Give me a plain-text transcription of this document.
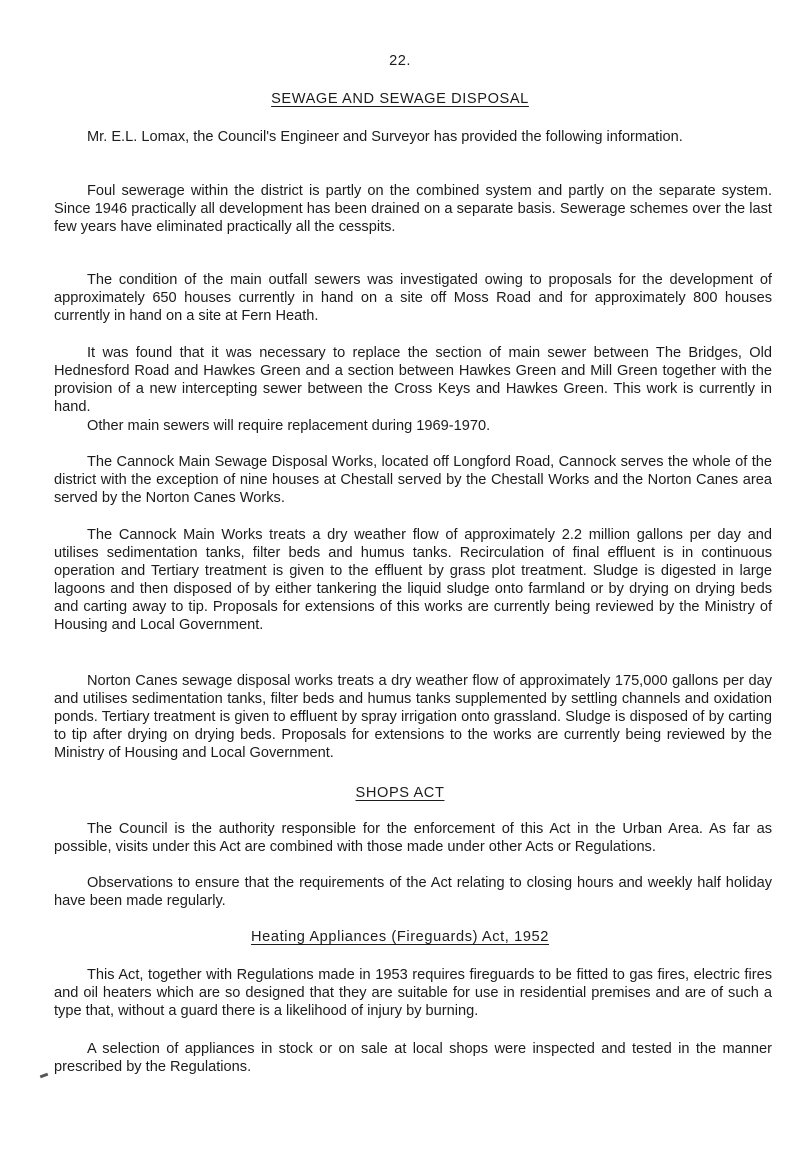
22.
SEWAGE AND SEWAGE DISPOSAL

Mr. E.L. Lomax, the Council's Engineer and Surveyor has provided the following information.

Foul sewerage within the district is partly on the combined system and partly on the separate system. Since 1946 practically all development has been drained on a separate basis. Sewerage schemes over the last few years have eliminated practically all the cesspits.

The condition of the main outfall sewers was investigated owing to proposals for the development of approximately 650 houses currently in hand on a site off Moss Road and for approximately 800 houses currently in hand on a site at Fern Heath.

It was found that it was necessary to replace the section of main sewer between The Bridges, Old Hednesford Road and Hawkes Green and a section between Hawkes Green and Mill Green together with the provision of a new intercepting sewer between the Cross Keys and Hawkes Green. This work is currently in hand.

Other main sewers will require replacement during 1969-1970.

The Cannock Main Sewage Disposal Works, located off Longford Road, Cannock serves the whole of the district with the exception of nine houses at Chestall served by the Chestall Works and the Norton Canes area served by the Norton Canes Works.

The Cannock Main Works treats a dry weather flow of approximately 2.2 million gallons per day and utilises sedimentation tanks, filter beds and humus tanks. Recirculation of final effluent is in continuous operation and Tertiary treatment is given to the effluent by grass plot treatment. Sludge is digested in large lagoons and then disposed of by either tankering the liquid sludge onto farmland or by drying on drying beds and carting away to tip. Proposals for extensions of this works are currently being reviewed by the Ministry of Housing and Local Government.

Norton Canes sewage disposal works treats a dry weather flow of approximately 175,000 gallons per day and utilises sedimentation tanks, filter beds and humus tanks supplemented by settling channels and oxidation ponds. Tertiary treatment is given to effluent by spray irrigation onto grassland. Sludge is disposed of by carting to tip after drying on drying beds. Proposals for extensions to the works are currently being reviewed by the Ministry of Housing and Local Government.

SHOPS ACT

The Council is the authority responsible for the enforcement of this Act in the Urban Area. As far as possible, visits under this Act are combined with those made under other Acts or Regulations.

Observations to ensure that the requirements of the Act relating to closing hours and weekly half holiday have been made regularly.

Heating Appliances (Fireguards) Act, 1952

This Act, together with Regulations made in 1953 requires fireguards to be fitted to gas fires, electric fires and oil heaters which are so designed that they are suitable for use in residential premises and are of such a type that, without a guard there is a likelihood of injury by burning.

A selection of appliances in stock or on sale at local shops were inspected and tested in the manner prescribed by the Regulations.
